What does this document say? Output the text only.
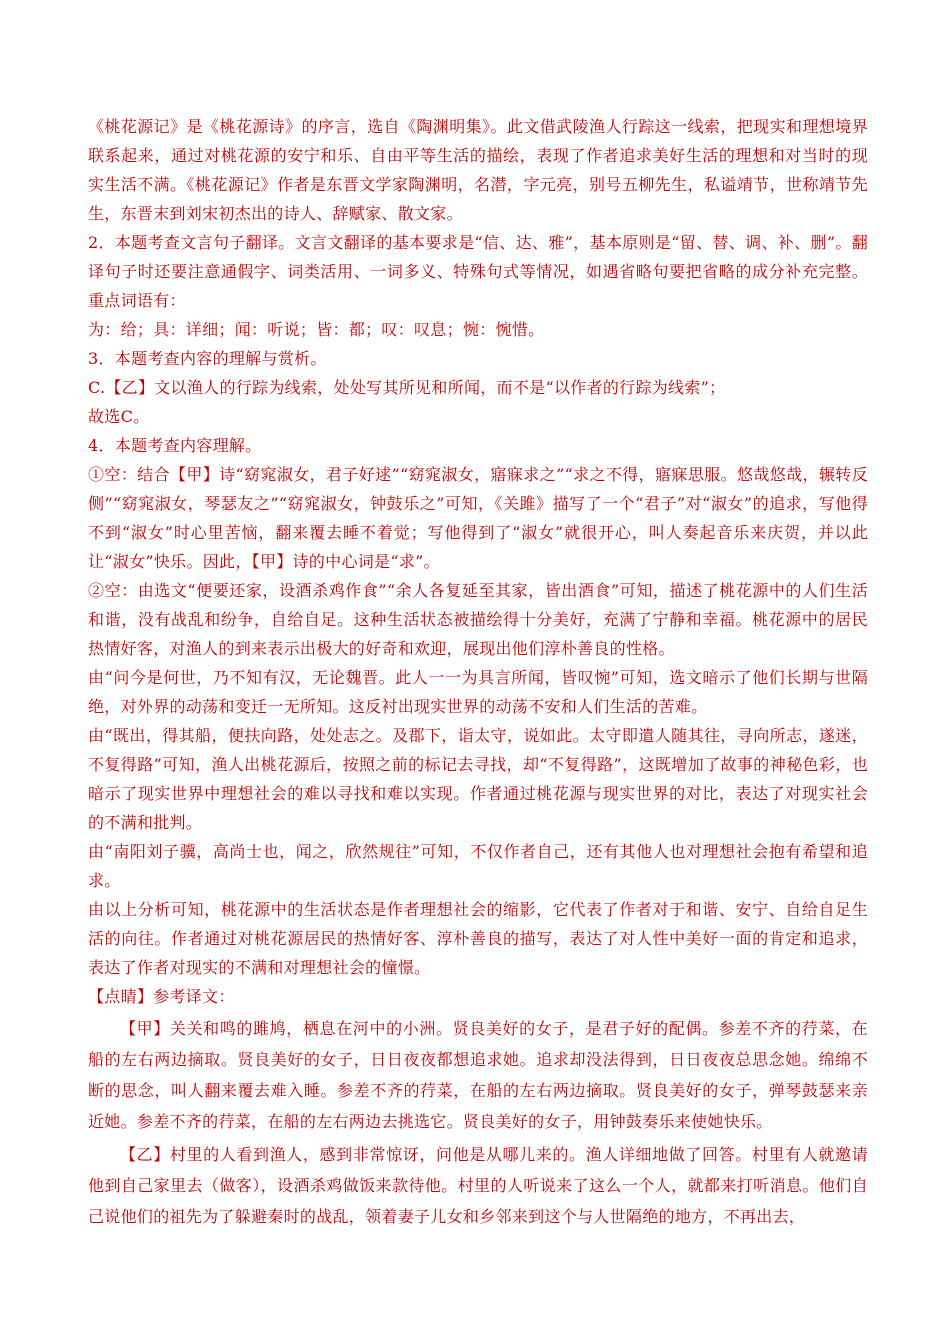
《桃花源记》是《桃花源诗》的序言，选自《陶渊明集》。此文借武陵渔人行踪这一线索，把现实和理想境界联系起来，通过对桃花源的安宁和乐、自由平等生活的描绘，表现了作者追求美好生活的理想和对当时的现实生活不满。《桃花源记》作者是东晋文学家陶渊明，名潜，字元亮，别号五柳先生，私谥靖节，世称靖节先生，东晋末到刘宋初杰出的诗人、辞赋家、散文家。

2．本题考查文言句子翻译。文言文翻译的基本要求是“信、达、雅”，基本原则是“留、替、调、补、删”。翻译句子时还要注意通假字、词类活用、一词多义、特殊句式等情况，如遇省略句要把省略的成分补充完整。重点词语有：

为：给；具：详细；闻：听说；皆：都；叹：叹息；惋：惋惜。

3．本题考查内容的理解与赏析。

C.【乙】文以渔人的行踪为线索，处处写其所见和所闻，而不是“以作者的行踪为线索”；

故选C。

4．本题考查内容理解。

①空：结合【甲】诗“窈窕淑女，君子好逑”“窈窕淑女，寤寐求之”“求之不得，寤寐思服。悠哉悠哉，辗转反侧”“窈窕淑女，琴瑟友之”“窈窕淑女，钟鼓乐之”可知，《关雎》描写了一个“君子”对“淑女”的追求，写他得不到“淑女”时心里苦恼，翻来覆去睡不着觉；写他得到了“淑女”就很开心，叫人奏起音乐来庆贺，并以此让“淑女”快乐。因此，【甲】诗的中心词是“求”。

②空：由选文“便要还家，设酒杀鸡作食”“余人各复延至其家，皆出酒食”可知，描述了桃花源中的人们生活和谐，没有战乱和纷争，自给自足。这种生活状态被描绘得十分美好，充满了宁静和幸福。桃花源中的居民热情好客，对渔人的到来表示出极大的好奇和欢迎，展现出他们淳朴善良的性格。

由“问今是何世，乃不知有汉，无论魏晋。此人一一为具言所闻，皆叹惋”可知，选文暗示了他们长期与世隔绝，对外界的动荡和变迁一无所知。这反衬出现实世界的动荡不安和人们生活的苦难。

由“既出，得其船，便扶向路，处处志之。及郡下，诣太守，说如此。太守即遣人随其往，寻向所志，遂迷，不复得路”可知，渔人出桃花源后，按照之前的标记去寻找，却“不复得路”，这既增加了故事的神秘色彩，也暗示了现实世界中理想社会的难以寻找和难以实现。作者通过桃花源与现实世界的对比，表达了对现实社会的不满和批判。

由“南阳刘子骥，高尚士也，闻之，欣然规往”可知，不仅作者自己，还有其他人也对理想社会抱有希望和追求。

由以上分析可知，桃花源中的生活状态是作者理想社会的缩影，它代表了作者对于和谐、安宁、自给自足生活的向往。作者通过对桃花源居民的热情好客、淳朴善良的描写，表达了对人性中美好一面的肯定和追求，表达了作者对现实的不满和对理想社会的憧憬。

【点睛】参考译文：

【甲】关关和鸣的雎鸠，栖息在河中的小洲。贤良美好的女子，是君子好的配偶。参差不齐的荇菜，在船的左右两边摘取。贤良美好的女子，日日夜夜都想追求她。追求却没法得到，日日夜夜总思念她。绵绵不断的思念，叫人翻来覆去难入睡。参差不齐的荇菜，在船的左右两边摘取。贤良美好的女子，弹琴鼓瑟来亲近她。参差不齐的荇菜，在船的左右两边去挑选它。贤良美好的女子，用钟鼓奏乐来使她快乐。

【乙】村里的人看到渔人，感到非常惊讶，问他是从哪儿来的。渔人详细地做了回答。村里有人就邀请他到自己家里去（做客），设酒杀鸡做饭来款待他。村里的人听说来了这么一个人，就都来打听消息。他们自己说他们的祖先为了躲避秦时的战乱，领着妻子儿女和乡邻来到这个与人世隔绝的地方，不再出去，
